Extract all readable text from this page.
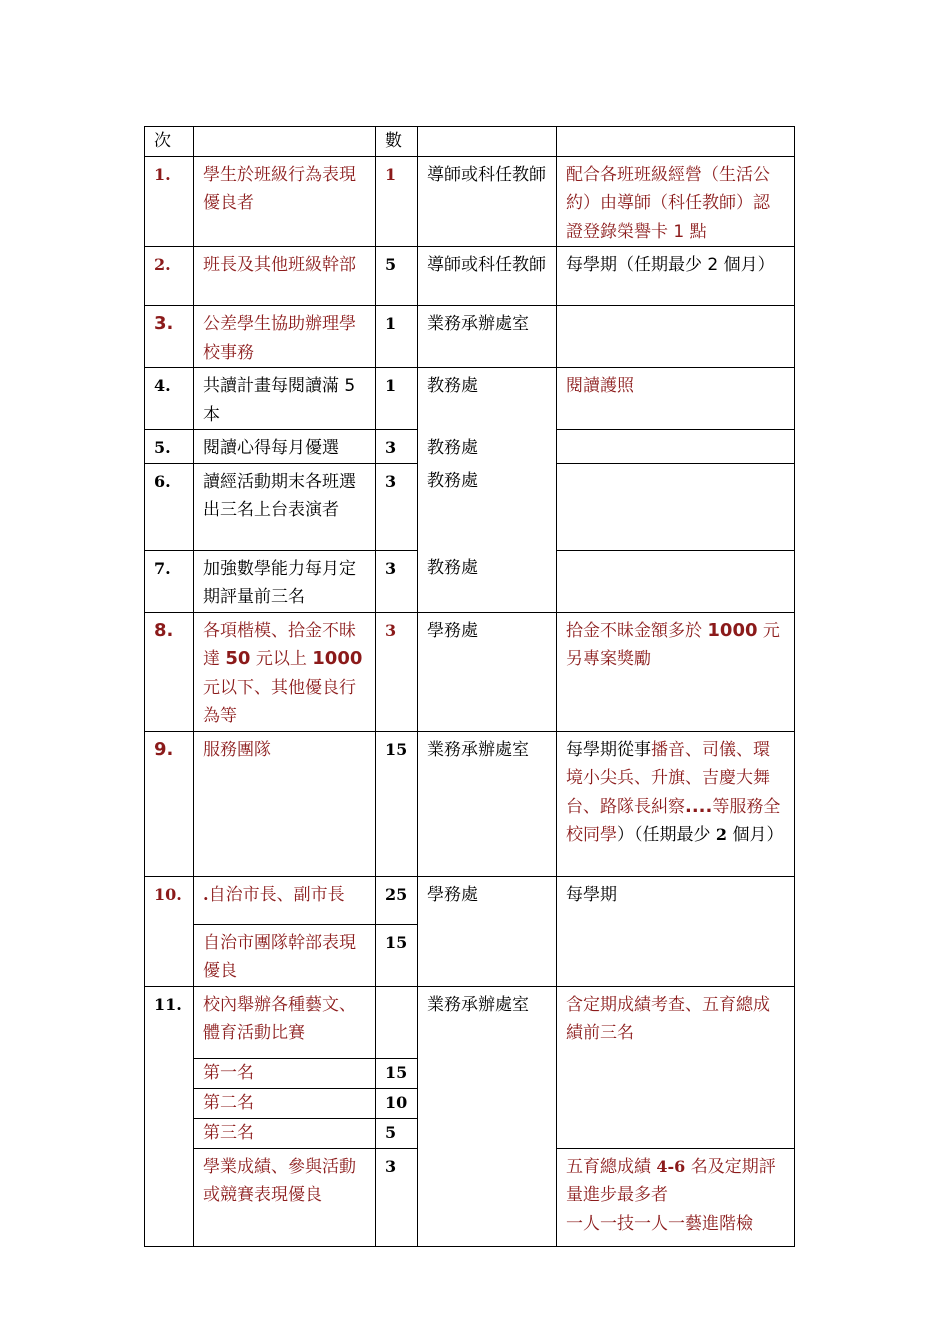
次		數		
1.	學生於班級行為表現優良者	1	導師或科任教師	配合各班班級經營（生活公約）由導師（科任教師）認證登錄榮譽卡 1 點
2.	班長及其他班級幹部	5	導師或科任教師	每學期（任期最少 2 個月）
3.	公差學生協助辦理學校事務	1	業務承辦處室	
4.	共讀計畫每閱讀滿 5 本	1	教務處	閱讀護照
5.	閱讀心得每月優選	3	教務處	
6.	讀經活動期末各班選出三名上台表演者	3	教務處	
7.	加強數學能力每月定期評量前三名	3	教務處	
8.	各項楷模、拾金不昧達 50 元以上 1000 元以下、其他優良行為等	3	學務處	拾金不昧金額多於 1000 元另專案獎勵
9.	服務團隊	15	業務承辦處室	每學期從事播音、司儀、環境小尖兵、升旗、吉慶大舞台、路隊長糾察....等服務全校同學）（任期最少 2 個月）
10.	.自治市長、副市長	25	學務處	每學期
	自治市團隊幹部表現優良	15		
11.	校內舉辦各種藝文、體育活動比賽		業務承辦處室	含定期成績考查、五育總成績前三名
	第一名	15		
	第二名	10		
	第三名	5		
	學業成績、參與活動或競賽表現優良	3		五育總成績 4-6 名及定期評量進步最多者
一人一技一人一藝進階檢
